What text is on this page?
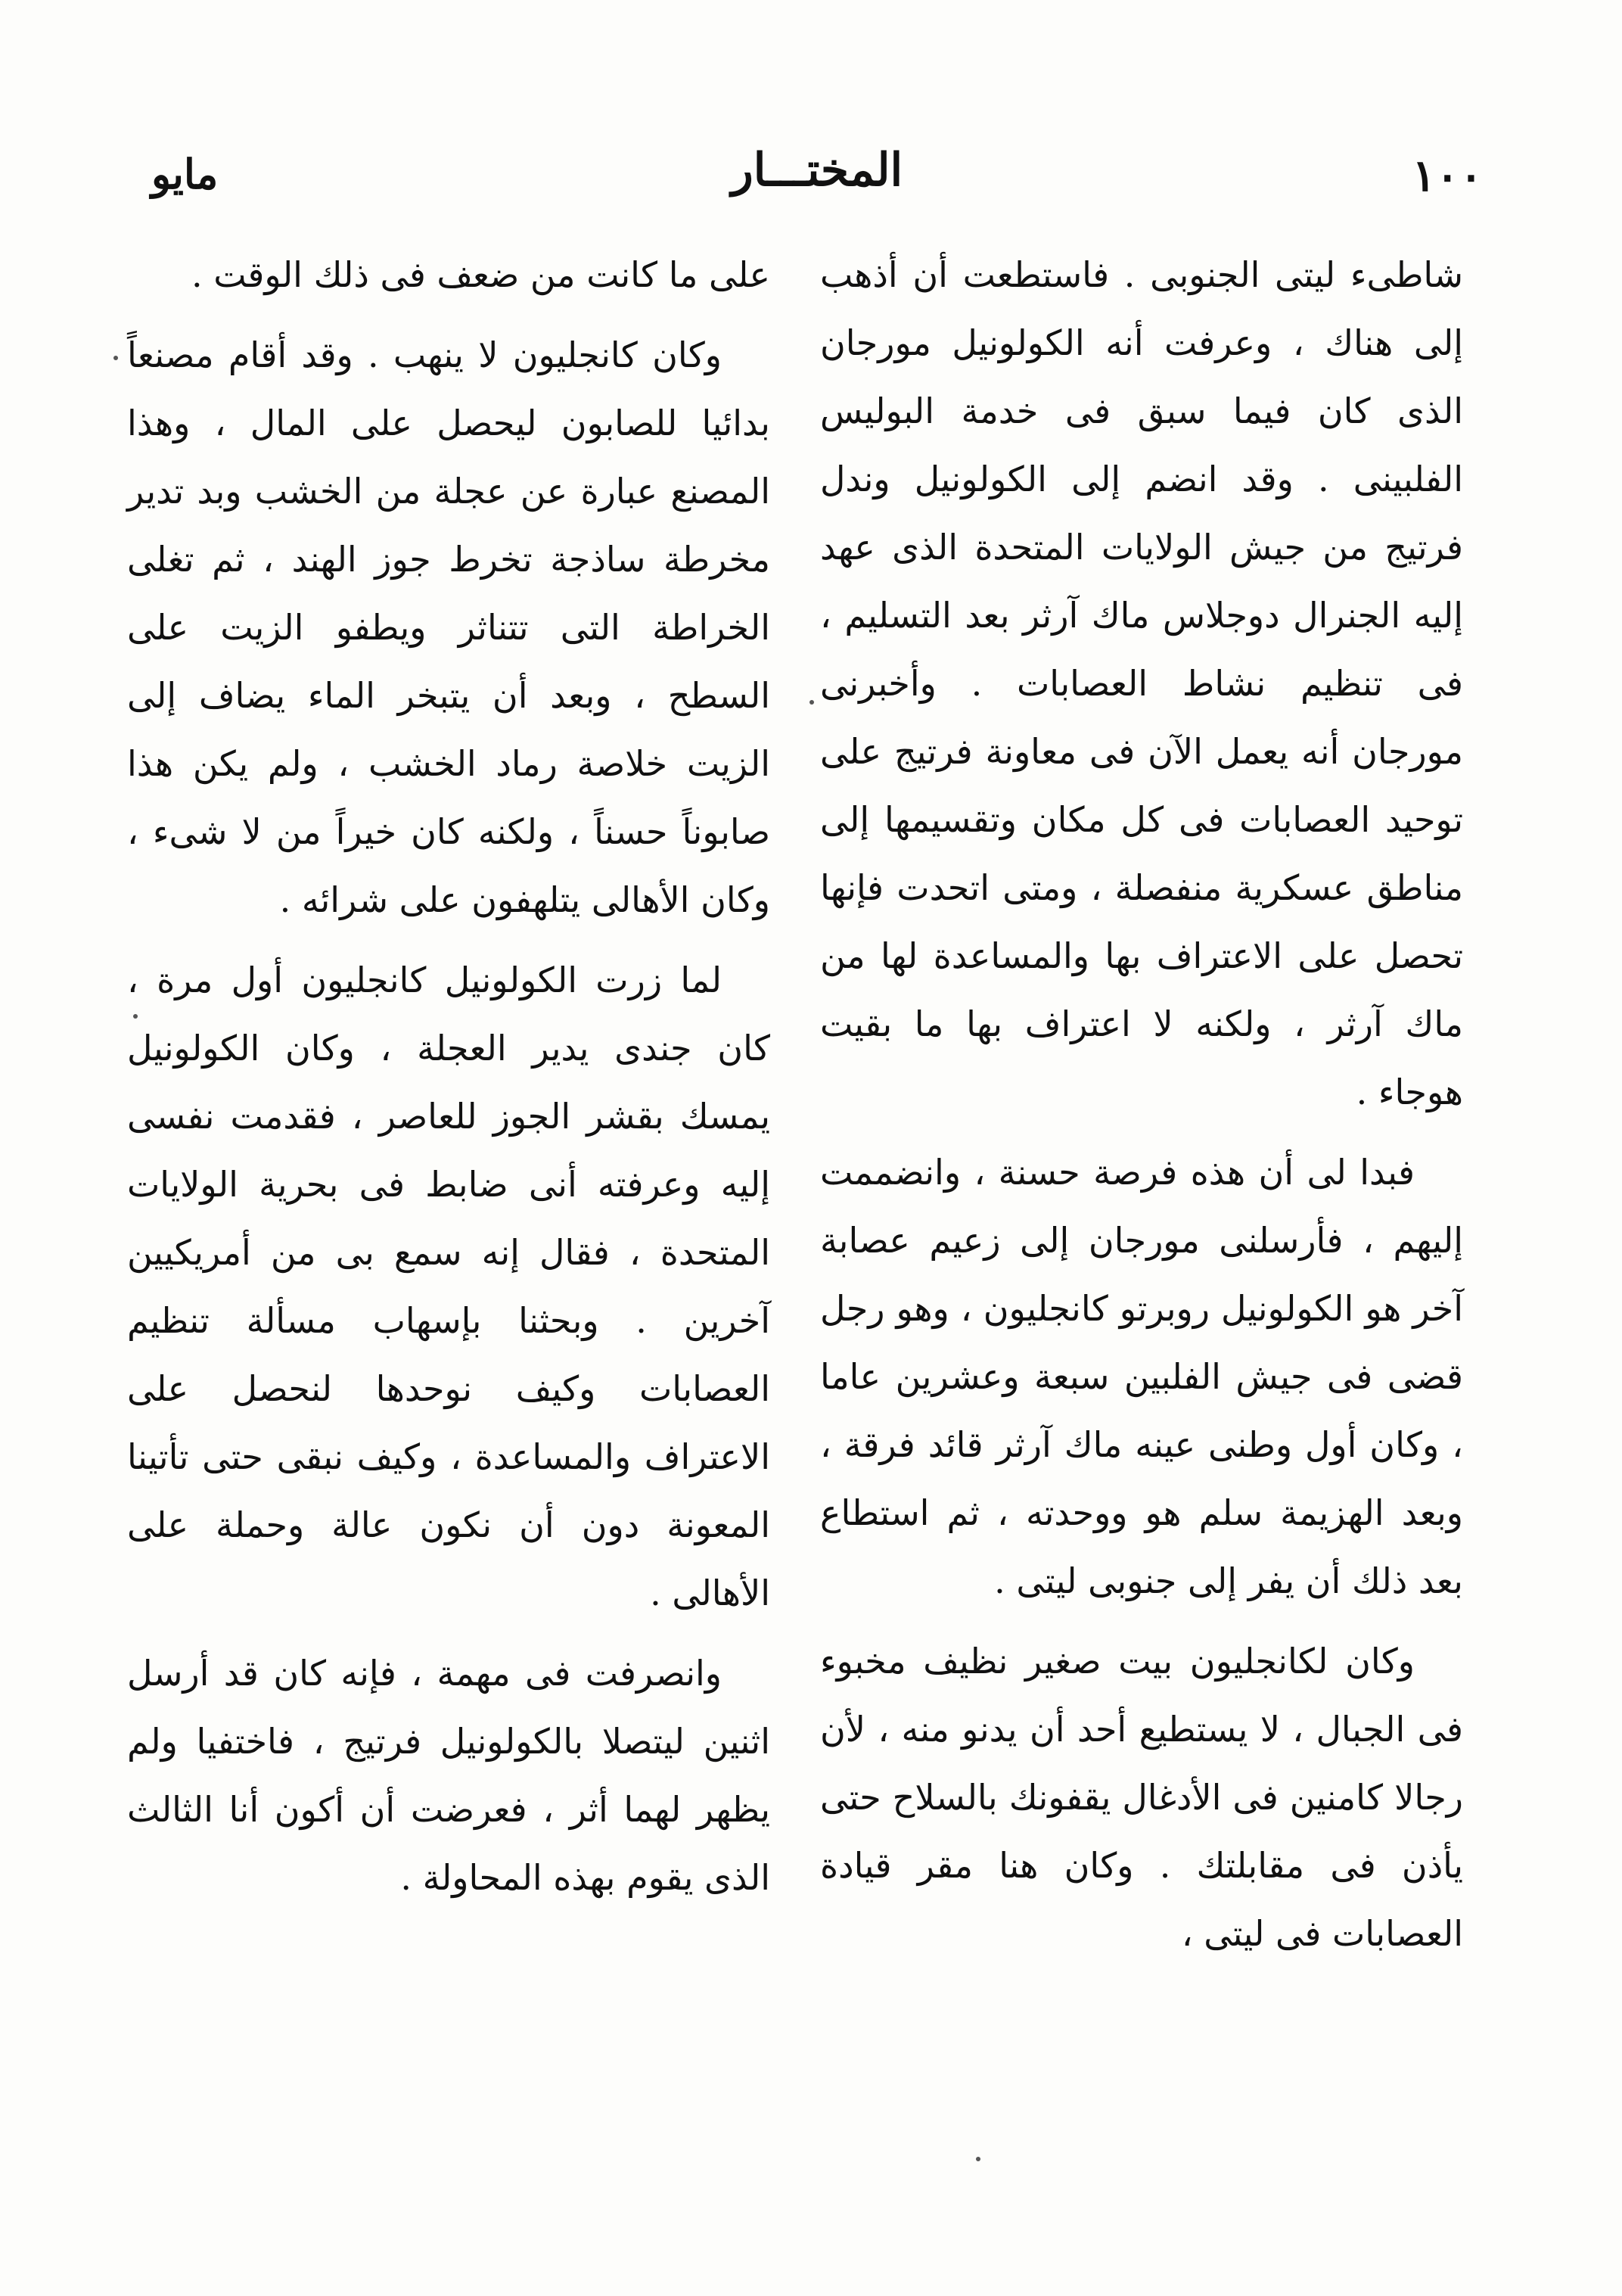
١٠٠
المختـــار
مايو

شاطىء ليتى الجنوبى . فاستطعت أن أذهب إلى هناك ، وعرفت أنه الكولونيل مورجان الذى كان فيما سبق فى خدمة البوليس الفلبينى . وقد انضم إلى الكولونيل وندل فرتيج من جيش الولايات المتحدة الذى عهد إليه الجنرال دوجلاس ماك آرثر بعد التسليم ، فى تنظيم نشاط العصابات . وأخبرنى مورجان أنه يعمل الآن فى معاونة فرتيج على توحيد العصابات فى كل مكان وتقسيمها إلى مناطق عسكرية منفصلة ، ومتى اتحدت فإنها تحصل على الاعتراف بها والمساعدة لها من ماك آرثر ، ولكنه لا اعتراف بها ما بقيت هوجاء .

فبدا لى أن هذه فرصة حسنة ، وانضممت إليهم ، فأرسلنى مورجان إلى زعيم عصابة آخر هو الكولونيل روبرتو كانجليون ، وهو رجل قضى فى جيش الفلبين سبعة وعشرين عاما ، وكان أول وطنى عينه ماك آرثر قائد فرقة ، وبعد الهزيمة سلم هو ووحدته ، ثم استطاع بعد ذلك أن يفر إلى جنوبى ليتى .

وكان لكانجليون بيت صغير نظيف مخبوء فى الجبال ، لا يستطيع أحد أن يدنو منه ، لأن رجالا كامنين فى الأدغال يقفونك بالسلاح حتى يأذن فى مقابلتك . وكان هنا مقر قيادة العصابات فى ليتى ،

على ما كانت من ضعف فى ذلك الوقت .

وكان كانجليون لا ينهب . وقد أقام مصنعاً بدائيا للصابون ليحصل على المال ، وهذا المصنع عبارة عن عجلة من الخشب وبد تدير مخرطة ساذجة تخرط جوز الهند ، ثم تغلى الخراطة التى تتناثر ويطفو الزيت على السطح ، وبعد أن يتبخر الماء يضاف إلى الزيت خلاصة رماد الخشب ، ولم يكن هذا صابوناً حسناً ، ولكنه كان خيراً من لا شىء ، وكان الأهالى يتلهفون على شرائه .

لما زرت الكولونيل كانجليون أول مرة ، كان جندى يدير العجلة ، وكان الكولونيل يمسك بقشر الجوز للعاصر ، فقدمت نفسى إليه وعرفته أنى ضابط فى بحرية الولايات المتحدة ، فقال إنه سمع بى من أمريكيين آخرين . وبحثنا بإسهاب مسألة تنظيم العصابات وكيف نوحدها لنحصل على الاعتراف والمساعدة ، وكيف نبقى حتى تأتينا المعونة دون أن نكون عالة وحملة على الأهالى .

وانصرفت فى مهمة ، فإنه كان قد أرسل اثنين ليتصلا بالكولونيل فرتيج ، فاختفيا ولم يظهر لهما أثر ، فعرضت أن أكون أنا الثالث الذى يقوم بهذه المحاولة .
